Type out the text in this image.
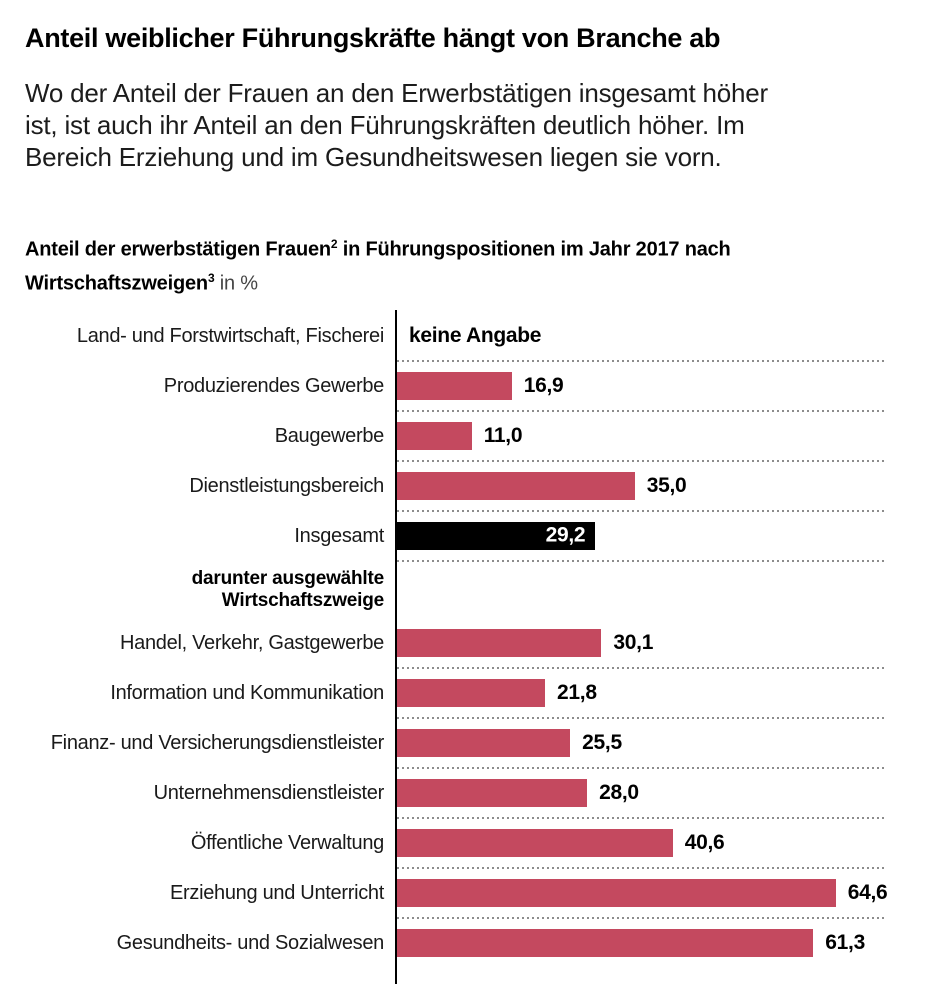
Anteil weiblicher Führungskräfte hängt von Branche ab
Wo der Anteil der Frauen an den Erwerbstätigen insgesamt höher
ist, ist auch ihr Anteil an den Führungskräften deutlich höher. Im
Bereich Erziehung und im Gesundheitswesen liegen sie vorn.
Anteil der erwerbstätigen Frauen$^2$ in Führungspositionen im Jahr 2017 nach
Wirtschaftszweigen$^3$ in %
Land- und Forstwirtschaft, Fischerei	keine Angabe
Produzierendes Gewerbe	16,9
Baugewerbe	11,0
Dienstleistungsbereich	35,0
Insgesamt	29,2
darunter ausgewählte Wirtschaftszweige
Handel, Verkehr, Gastgewerbe	30,1
Information und Kommunikation	21,8
Finanz- und Versicherungsdienstleister	25,5
Unternehmensdienstleister	28,0
Öffentliche Verwaltung	40,6
Erziehung und Unterricht	64,6
Gesundheits- und Sozialwesen	61,3
